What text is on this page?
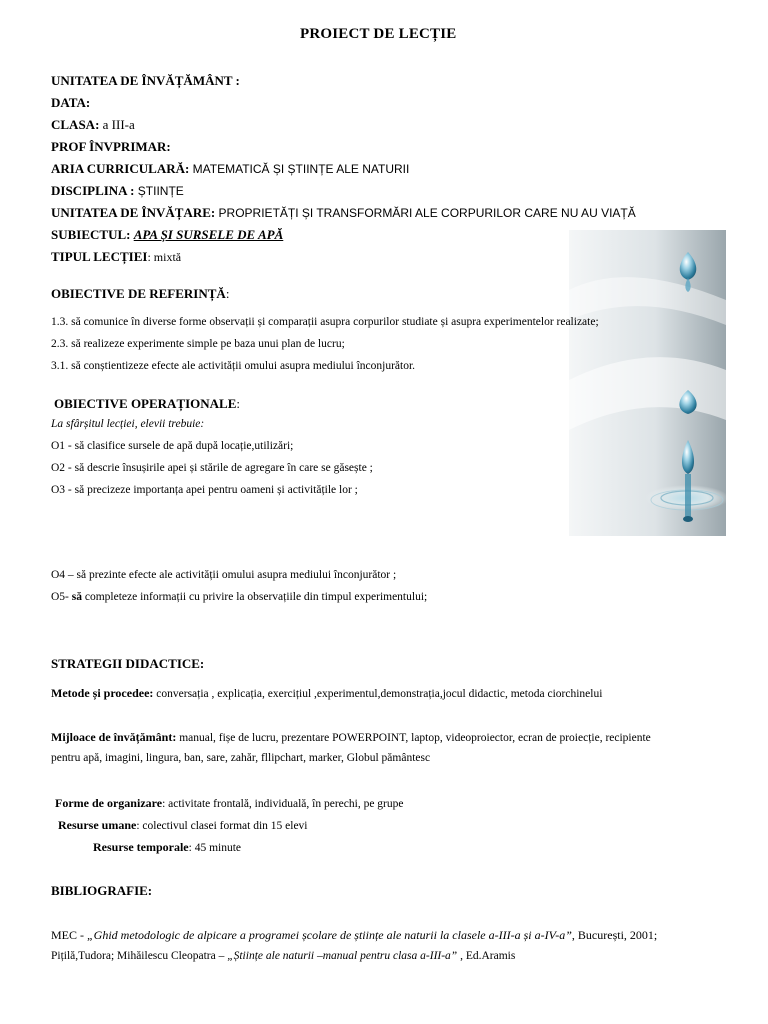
PROIECT DE LECȚIE
UNITATEA DE ÎNVĂȚĂMÂNT :
DATA:
CLASA: a III-a
PROF ÎNVPRIMAR:
ARIA CURRICULARĂ: MATEMATICĂ ȘI ȘTIINȚE ALE NATURII
DISCIPLINA : ȘTIINȚE
UNITATEA DE ÎNVĂȚARE: PROPRIETĂȚI ȘI TRANSFORMĂRI ALE CORPURILOR CARE NU AU VIAȚĂ
SUBIECTUL: APA ȘI SURSELE DE APĂ
TIPUL LECȚIEI: mixtă
OBIECTIVE DE REFERINȚĂ:
1.3. să comunice în diverse forme observații și comparații asupra corpurilor studiate și asupra experimentelor realizate;
2.3. să realizeze experimente simple pe baza unui plan de lucru;
3.1. să conștientizeze efecte ale activității omului asupra mediului înconjurător.
OBIECTIVE OPERAȚIONALE:
La sfârșitul lecției, elevii trebuie:
O1 - să clasifice sursele de apă după locație,utilizări;
O2 - să descrie însușirile apei și stările de agregare în care se găsește ;
O3 - să precizeze importanța apei pentru oameni și activitățile lor ;
O4 – să prezinte efecte ale activității omului asupra mediului înconjurător ;
O5- să completeze informații cu privire la observațiile din timpul experimentului;
STRATEGII DIDACTICE:
Metode și procedee: conversația , explicația, exercițiul ,experimentul,demonstrația,jocul didactic, metoda ciorchinelui
Mijloace de învățământ: manual, fișe de lucru, prezentare POWERPOINT, laptop, videoproiector, ecran de proiecție, recipiente
pentru apă, imagini, lingura, ban, sare, zahăr, fllipchart, marker, Globul pământesc
Forme de organizare: activitate frontală, individuală, în perechi, pe grupe
Resurse umane: colectivul clasei format din 15 elevi
Resurse temporale: 45 minute
BIBLIOGRAFIE:
MEC - „Ghid metodologic de alpicare a programei școlare de științe ale naturii la clasele a-III-a și a-IV-a”, București, 2001;
Pițilă,Tudora; Mihăilescu Cleopatra – „Științe ale naturii –manual pentru clasa a-III-a” , Ed.Aramis
